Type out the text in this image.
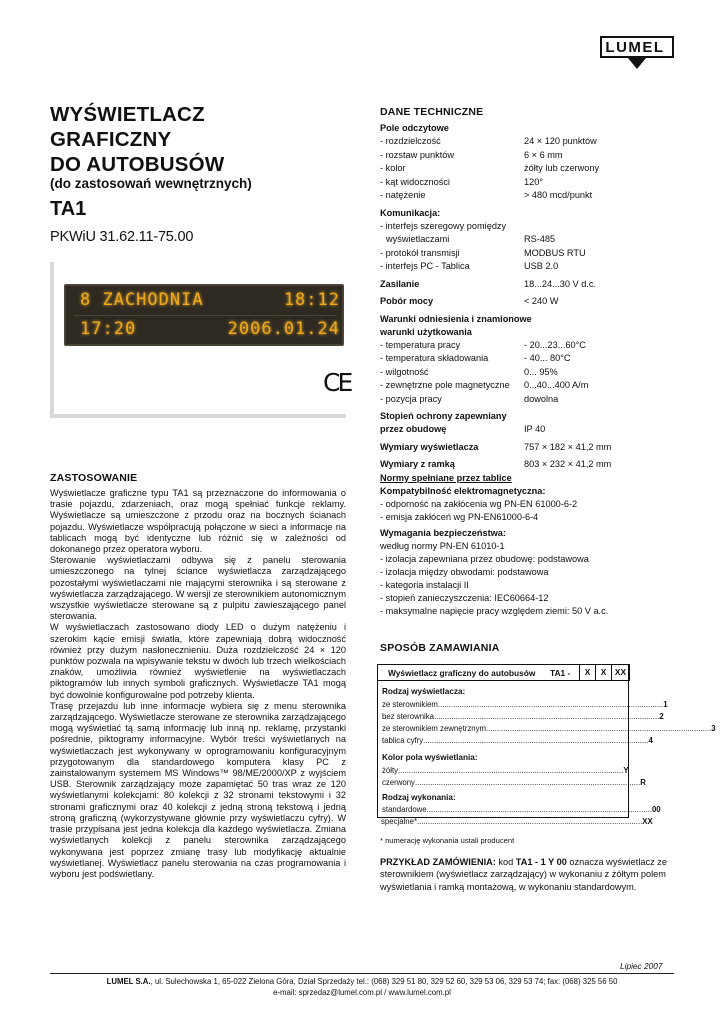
LUMEL
WYŚWIETLACZ
GRAFICZNY
DO AUTOBUSÓW
(do zastosowań wewnętrznych)
TA1
PKWiU 31.62.11-75.00
8 ZACHODNIA	18:12
17:20	2006.01.24
CE
ZASTOSOWANIE

Wyświetlacze graficzne typu TA1 są przeznaczone do informowania o trasie pojazdu, zdarzeniach, oraz mogą spełniać funkcje reklamy. Wyświetlacze są umieszczone z przodu oraz na bocznych ścianach pojazdu. Wyświetlacze współpracują połączone w sieci a informacje na tablicach mogą być identyczne lub różnić się w zależności od dokonanego przez operatora wyboru.

Sterowanie wyświetlaczami odbywa się z panelu sterowania umieszczonego na tylnej ściance wyświetlacza zarządzającego pozostałymi wyświetlaczami nie mającymi sterownika i są sterowane z wyświetlacza zarządzającego. W wersji ze sterownikiem autonomicznym wszystkie wyświetlacze sterowane są z pulpitu zawieszającego panel sterowania.

W wyświetlaczach zastosowano diody LED o dużym natężeniu i szerokim kącie emisji światła, które zapewniają dobrą widoczność również przy dużym nasłonecznieniu. Duża rozdzielczość 24 × 120 punktów pozwala na wpisywanie tekstu w dwóch lub trzech wielkościach znaków, umożliwia również wyświetlenie na wyświetlaczach piktogramów lub innych symboli graficznych. Wyświetlacze TA1 mogą być dowolnie konfigurowalne pod potrzeby klienta.

Trasę przejazdu lub inne informacje wybiera się z menu sterownika zarządzającego. Wyświetlacze sterowane ze sterownika zarządzającego mogą wyświetlać tą samą informację lub inną np. reklamę, przystanki pośrednie, piktogramy informacyjne. Wybór treści wyświetlanych na wyświetlaczach jest wykonywany w oprogramowaniu konfiguracyjnym przygotowanym dla standardowego komputera klasy PC z zainstalowanym systemem MS Windows™ 98/ME/2000/XP z wyjściem USB. Sterownik zarządzający może zapamiętać 50 tras wraz ze 120 wyświetlanymi kolekcjami: 80 kolekcji z 32 stronami tekstowymi i 32 stronami graficznymi oraz 40 kolekcji z jedną stroną tekstową i jedną stroną graficzną (wykorzystywane głównie przy wyświetlaczu cyfry). W trasie przypisana jest jedna kolekcja dla każdego wyświetlacza. Zmiana wyświetlanych kolekcji z panelu sterownika zarządzającego wykonywana jest poprzez zmianę trasy lub modyfikację aktualnie wyświetlanej. Wyświetlacz panelu sterowania na czas programowania i wyboru jest podświetlany.

DANE TECHNICZNE
Pole odczytowe
- rozdzielczość	24 × 120 punktów
- rozstaw punktów	6 × 6 mm
- kolor	żółty lub czerwony
- kąt widoczności	120°
- natężenie	> 480 mcd/punkt
Komunikacja:
- interfejs szeregowy pomiędzy
wyświetlaczami	RS-485
- protokół transmisji	MODBUS RTU
- interfejs PC - Tablica	USB 2.0
Zasilanie	18...24...30 V d.c.
Pobór mocy	< 240 W
Warunki odniesienia i znamionowe
warunki użytkowania
- temperatura pracy	- 20...23...60°C
- temperatura składowania	- 40... 80°C
- wilgotność	0... 95%
- zewnętrzne pole magnetyczne 0...40...400 A/m
- pozycja pracy	dowolna
Stopień ochrony zapewniany
przez obudowę	IP 40
Wymiary wyświetlacza	757 × 182 × 41,2 mm
Wymiary z ramką	803 × 232 × 41,2 mm
Normy spełniane przez tablice
Kompatybilność elektromagnetyczna:
- odporność na zakłócenia wg PN-EN 61000-6-2
- emisja zakłóceń wg PN-EN61000-6-4
Wymagania bezpieczeństwa:
według normy PN-EN 61010-1
- izolacja zapewniana przez obudowę: podstawowa
- izolacja między obwodami: podstawowa
- kategoria instalacji II
- stopień zanieczyszczenia: IEC60664-12
- maksymalne napięcie pracy względem ziemi: 50 V a.c.
SPOSÓB ZAMAWIANIA
Wyświetlacz graficzny do autobusów TA1 -	X	X	XX
Rodzaj wyświetlacza:
ze sterownikiem ........................................................................................................ 1
bez sterownika ........................................................................................................ 2
ze sterownikiem zewnętrznym ........................................................................................................ 3
tablica cyfry ........................................................................................................ 4
Kolor pola wyświetlania:
żółty ........................................................................................................ Y
czerwony ........................................................................................................ R
Rodzaj wykonania:
standardowe ........................................................................................................ 00
specjalne* ........................................................................................................ XX
* numerację wykonania ustali producent
PRZYKŁAD ZAMÓWIENIA: kod TA1 - 1 Y 00 oznacza wyświetlacz ze sterownikiem (wyświetlacz zarządzający) w wykonaniu z żółtym polem wyświetlania i ramką montażową, w wykonaniu standardowym.
Lipiec 2007
LUMEL S.A., ul. Sulechowska 1, 65-022 Zielona Góra, Dział Sprzedaży tel.: (068) 329 51 80, 329 52 60, 329 53 06, 329 53 74; fax: (068) 325 56 50
e-mail: sprzedaz@lumel.com.pl / www.lumel.com.pl
